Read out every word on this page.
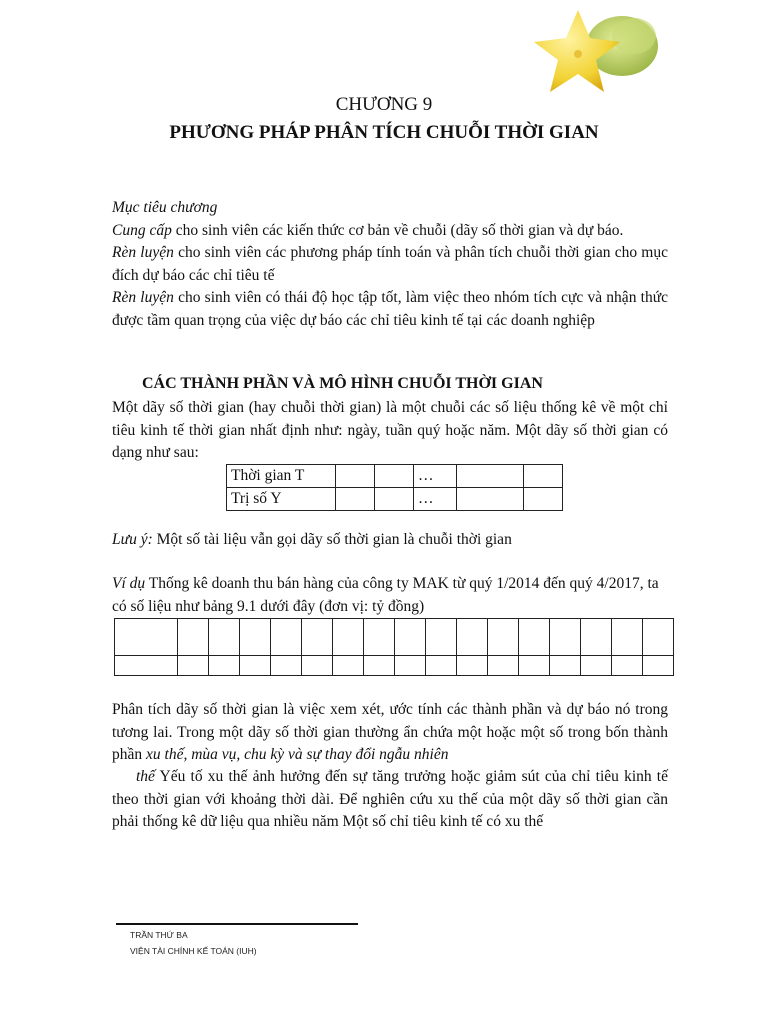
CHƯƠNG 9
PHƯƠNG PHÁP PHÂN TÍCH CHUỖI THỜI GIAN

Mục tiêu chương

Cung cấp cho sinh viên các kiến thức cơ bản về chuỗi (dãy số thời gian và dự báo.

Rèn luyện cho sinh viên các phương pháp tính toán và phân tích chuỗi thời gian cho mục đích dự báo các chỉ tiêu tế

Rèn luyện cho sinh viên có thái độ học tập tốt, làm việc theo nhóm tích cực và nhận thức được tầm quan trọng của việc dự báo các chỉ tiêu kinh tế tại các doanh nghiệp

CÁC THÀNH PHẦN VÀ MÔ HÌNH CHUỖI THỜI GIAN
Một dãy số thời gian (hay chuỗi thời gian) là một chuỗi các số liệu thống kê về một chỉ tiêu kinh tế thời gian nhất định như: ngày, tuần quý hoặc năm. Một dãy số thời gian có dạng như sau:
Thời gian T			…		
Trị số Y			…		
Lưu ý: Một số tài liệu vẫn gọi dãy số thời gian là chuỗi thời gian
Ví dụ Thống kê doanh thu bán hàng của công ty MAK từ quý 1/2014 đến quý 4/2017, ta có số liệu như bảng 9.1 dưới đây (đơn vị: tỷ đồng)

Phân tích dãy số thời gian là việc xem xét, ước tính các thành phần và dự báo nó trong tương lai. Trong một dãy số thời gian thường ẩn chứa một hoặc một số trong bốn thành phần xu thế, mùa vụ, chu kỳ và sự thay đổi ngẫu nhiên
thế Yếu tố xu thế ảnh hưởng đến sự tăng trưởng hoặc giảm sút của chỉ tiêu kinh tế theo thời gian với khoảng thời dài. Để nghiên cứu xu thế của một dãy số thời gian cần phải thống kê dữ liệu qua nhiều năm Một số chỉ tiêu kinh tế có xu thế
TRẦN THỨ BA
VIỆN TÀI CHÍNH KẾ TOÁN (IUH)
